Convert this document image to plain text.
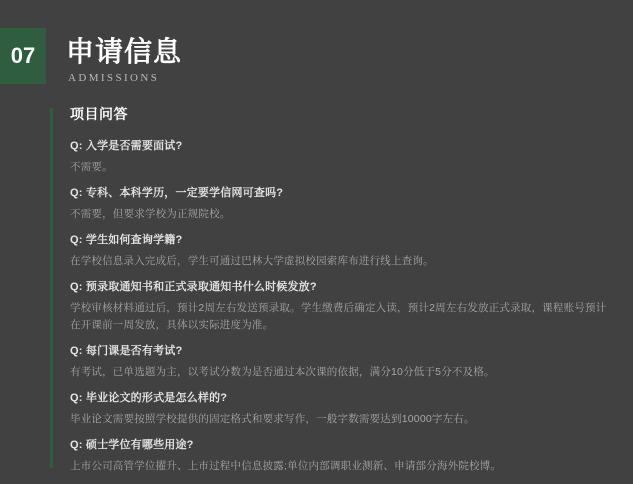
07	申请信息
ADMISSIONS
项目问答
Q: 入学是否需要面试?
不需要。
Q: 专科、本科学历，一定要学信网可查吗?
不需要，但要求学校为正规院校。
Q: 学生如何查询学籍?
在学校信息录入完成后，学生可通过巴林大学虚拟校园索库布进行线上查询。
Q: 预录取通知书和正式录取通知书什么时候发放?
学校审核材料通过后，预计2周左右发送预录取。学生缴费后确定入读，预计2周左右发放正式录取，课程账号预计在开课前一周发放，具体以实际进度为准。
Q: 每门课是否有考试?
有考试，已单选题为主，以考试分数为是否通过本次课的依据，满分10分低于5分不及格。
Q: 毕业论文的形式是怎么样的?
毕业论文需要按照学校提供的固定格式和要求写作，一般字数需要达到10000字左右。
Q: 硕士学位有哪些用途?
上市公司高管学位擢升、上市过程中信息披露;单位内部调职业测新、申请部分海外院校博。
